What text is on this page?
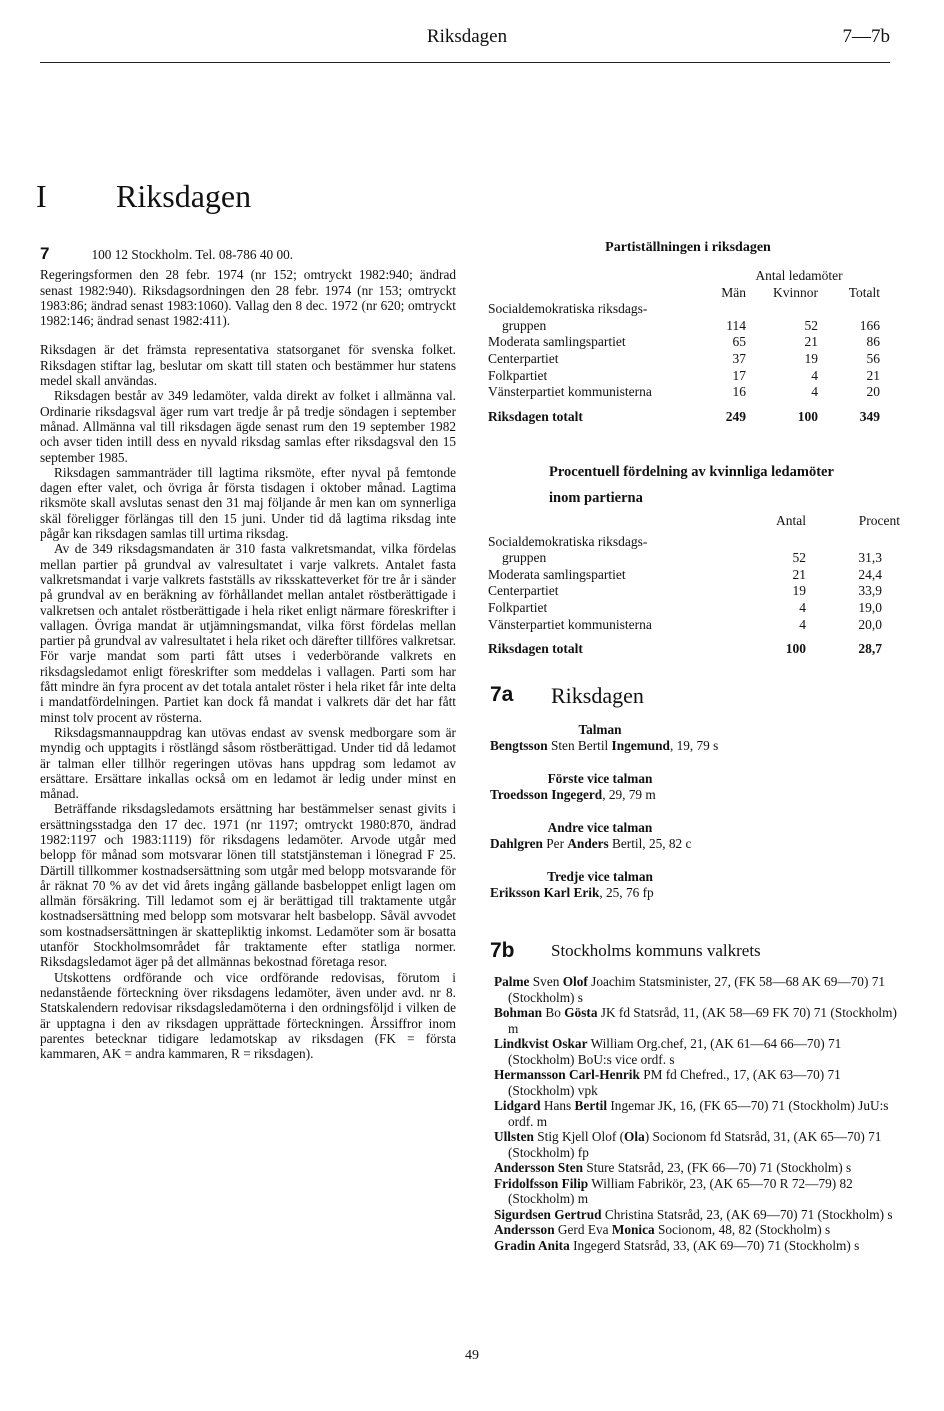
Riksdagen	7—7b
I Riksdagen
7	100 12 Stockholm. Tel. 08-786 40 00.

Regeringsformen den 28 febr. 1974 (nr 152; omtryckt 1982:940; ändrad senast 1982:940). Riksdagsordningen den 28 febr. 1974 (nr 153; omtryckt 1983:86; ändrad senast 1983:1060). Vallag den 8 dec. 1972 (nr 620; omtryckt 1982:146; ändrad senast 1982:411).

Riksdagen är det främsta representativa statsorganet för svenska folket. Riksdagen stiftar lag, beslutar om skatt till staten och bestämmer hur statens medel skall användas.

Riksdagen består av 349 ledamöter, valda direkt av folket i allmänna val. Ordinarie riksdagsval äger rum vart tredje år på tredje söndagen i september månad. Allmänna val till riksdagen ägde senast rum den 19 september 1982 och avser tiden intill dess en nyvald riksdag samlas efter riksdagsval den 15 september 1985.

Riksdagen sammanträder till lagtima riksmöte, efter nyval på femtonde dagen efter valet, och övriga år första tisdagen i oktober månad. Lagtima riksmöte skall avslutas senast den 31 maj följande år men kan om synnerliga skäl föreligger förlängas till den 15 juni. Under tid då lagtima riksdag inte pågår kan riksdagen samlas till urtima riksdag.

Av de 349 riksdagsmandaten är 310 fasta valkretsmandat, vilka fördelas mellan partier på grundval av valresultatet i varje valkrets. Antalet fasta valkretsmandat i varje valkrets fastställs av riksskatteverket för tre år i sänder på grundval av en beräkning av förhållandet mellan antalet röstberättigade i valkretsen och antalet röstberättigade i hela riket enligt närmare föreskrifter i vallagen. Övriga mandat är utjämningsmandat, vilka först fördelas mellan partier på grundval av valresultatet i hela riket och därefter tillföres valkretsar. För varje mandat som parti fått utses i vederbörande valkrets en riksdagsledamot enligt föreskrifter som meddelas i vallagen. Parti som har fått mindre än fyra procent av det totala antalet röster i hela riket får inte delta i mandatfördelningen. Partiet kan dock få mandat i valkrets där det har fått minst tolv procent av rösterna.

Riksdagsmannauppdrag kan utövas endast av svensk medborgare som är myndig och upptagits i röstlängd såsom röstberättigad. Under tid då ledamot är talman eller tillhör regeringen utövas hans uppdrag som ledamot av ersättare. Ersättare inkallas också om en ledamot är ledig under minst en månad.

Beträffande riksdagsledamots ersättning har bestämmelser senast givits i ersättningsstadga den 17 dec. 1971 (nr 1197; omtryckt 1980:870, ändrad 1982:1197 och 1983:1119) för riksdagens ledamöter. Arvode utgår med belopp för månad som motsvarar lönen till statstjänsteman i lönegrad F 25. Därtill tillkommer kostnadsersättning som utgår med belopp motsvarande för år räknat 70 % av det vid årets ingång gällande basbeloppet enligt lagen om allmän försäkring. Till ledamot som ej är berättigad till traktamente utgår kostnadsersättning med belopp som motsvarar helt basbelopp. Såväl avvodet som kostnadsersättningen är skattepliktig inkomst. Ledamöter som är bosatta utanför Stockholmsområdet får traktamente efter statliga normer. Riksdagsledamot äger på det allmännas bekostnad företaga resor.

Utskottens ordförande och vice ordförande redovisas, förutom i nedanstående förteckning över riksdagens ledamöter, även under avd. nr 8. Statskalendern redovisar riksdagsledamöterna i den ordningsföljd i vilken de är upptagna i den av riksdagen upprättade förteckningen. Årssiffror inom parentes betecknar tidigare ledamotskap av riksdagen (FK = första kammaren, AK = andra kammaren, R = riksdagen).

Partiställningen i riksdagen
	Antal ledamöter		
	Män	Kvinnor	Totalt
Socialdemokratiska riksdags-			
gruppen	114	52	166
Moderata samlingspartiet	65	21	86
Centerpartiet	37	19	56
Folkpartiet	17	4	21
Vänsterpartiet kommunisterna	16	4	20
Riksdagen totalt	249	100	349
Procentuell fördelning av kvinnliga ledamöter
inom partierna
	Antal	Procent
Socialdemokratiska riksdags-		
gruppen	52	31,3
Moderata samlingspartiet	21	24,4
Centerpartiet	19	33,9
Folkpartiet	4	19,0
Vänsterpartiet kommunisterna	4	20,0
Riksdagen totalt	100	28,7
7a Riksdagen
Talman
Bengtsson Sten Bertil Ingemund, 19, 79 s
Förste vice talman
Troedsson Ingegerd, 29, 79 m
Andre vice talman
Dahlgren Per Anders Bertil, 25, 82 c
Tredje vice talman
Eriksson Karl Erik, 25, 76 fp
7b Stockholms kommuns valkrets
Palme Sven Olof Joachim Statsminister, 27, (FK 58—68 AK 69—70) 71 (Stockholm) s
Bohman Bo Gösta JK fd Statsråd, 11, (AK 58—69 FK 70) 71 (Stockholm) m
Lindkvist Oskar William Org.chef, 21, (AK 61—64 66—70) 71 (Stockholm) BoU:s vice ordf. s
Hermansson Carl-Henrik PM fd Chefred., 17, (AK 63—70) 71 (Stockholm) vpk
Lidgard Hans Bertil Ingemar JK, 16, (FK 65—70) 71 (Stockholm) JuU:s ordf. m
Ullsten Stig Kjell Olof (Ola) Socionom fd Statsråd, 31, (AK 65—70) 71 (Stockholm) fp
Andersson Sten Sture Statsråd, 23, (FK 66—70) 71 (Stockholm) s
Fridolfsson Filip William Fabrikör, 23, (AK 65—70 R 72—79) 82 (Stockholm) m
Sigurdsen Gertrud Christina Statsråd, 23, (AK 69—70) 71 (Stockholm) s
Andersson Gerd Eva Monica Socionom, 48, 82 (Stockholm) s
Gradin Anita Ingegerd Statsråd, 33, (AK 69—70) 71 (Stockholm) s
49
